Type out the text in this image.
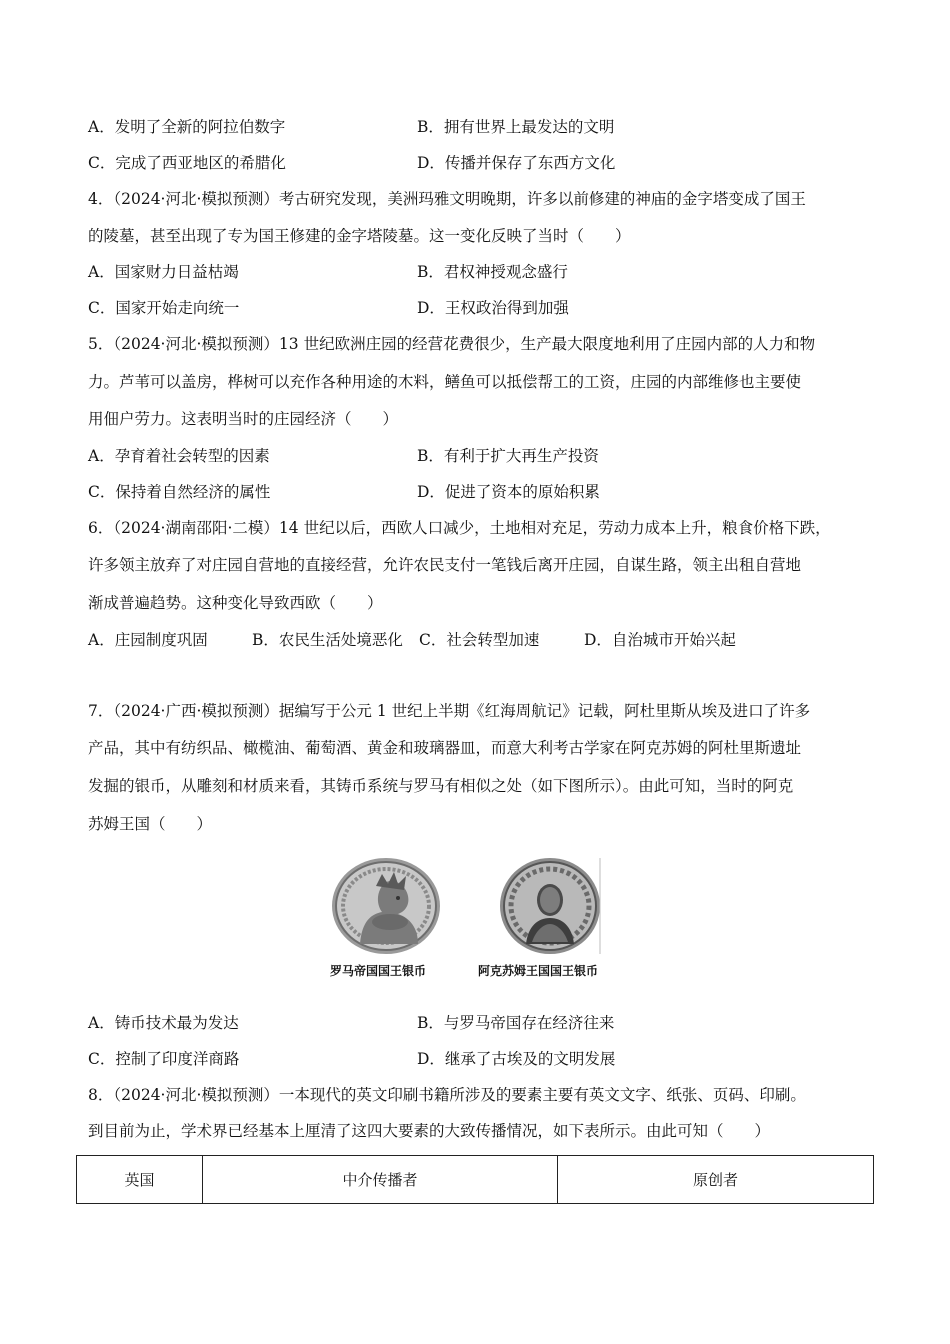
A．发明了全新的阿拉伯数字	B．拥有世界上最发达的文明
C．完成了西亚地区的希腊化	D．传播并保存了东西方文化
4．（2024·河北·模拟预测）考古研究发现，美洲玛雅文明晚期，许多以前修建的神庙的金字塔变成了国王
的陵墓，甚至出现了专为国王修建的金字塔陵墓。这一变化反映了当时（　　）
A．国家财力日益枯竭	B．君权神授观念盛行
C．国家开始走向统一	D．王权政治得到加强
5．（2024·河北·模拟预测）13 世纪欧洲庄园的经营花费很少，生产最大限度地利用了庄园内部的人力和物
力。芦苇可以盖房，桦树可以充作各种用途的木料，鳝鱼可以抵偿帮工的工资，庄园的内部维修也主要使
用佃户劳力。这表明当时的庄园经济（　　）
A．孕育着社会转型的因素	B．有利于扩大再生产投资
C．保持着自然经济的属性	D．促进了资本的原始积累
6．（2024·湖南邵阳·二模）14 世纪以后，西欧人口减少，土地相对充足，劳动力成本上升，粮食价格下跌，
许多领主放弃了对庄园自营地的直接经营，允许农民支付一笔钱后离开庄园，自谋生路，领主出租自营地
渐成普遍趋势。这种变化导致西欧（　　）
A．庄园制度巩固	B．农民生活处境恶化 C．社会转型加速	D．自治城市开始兴起
7．（2024·广西·模拟预测）据编写于公元 1 世纪上半期《红海周航记》记载，阿杜里斯从埃及进口了许多
产品，其中有纺织品、橄榄油、葡萄酒、黄金和玻璃器皿，而意大利考古学家在阿克苏姆的阿杜里斯遗址
发掘的银币，从雕刻和材质来看，其铸币系统与罗马有相似之处（如下图所示）。由此可知，当时的阿克
苏姆王国（　　）
罗马帝国国王银币	阿克苏姆王国国王银币
A．铸币技术最为发达	B．与罗马帝国存在经济往来
C．控制了印度洋商路	D．继承了古埃及的文明发展
8．（2024·河北·模拟预测）一本现代的英文印刷书籍所涉及的要素主要有英文文字、纸张、页码、印刷。
到目前为止，学术界已经基本上厘清了这四大要素的大致传播情况，如下表所示。由此可知（　　）
英国	中介传播者	原创者
